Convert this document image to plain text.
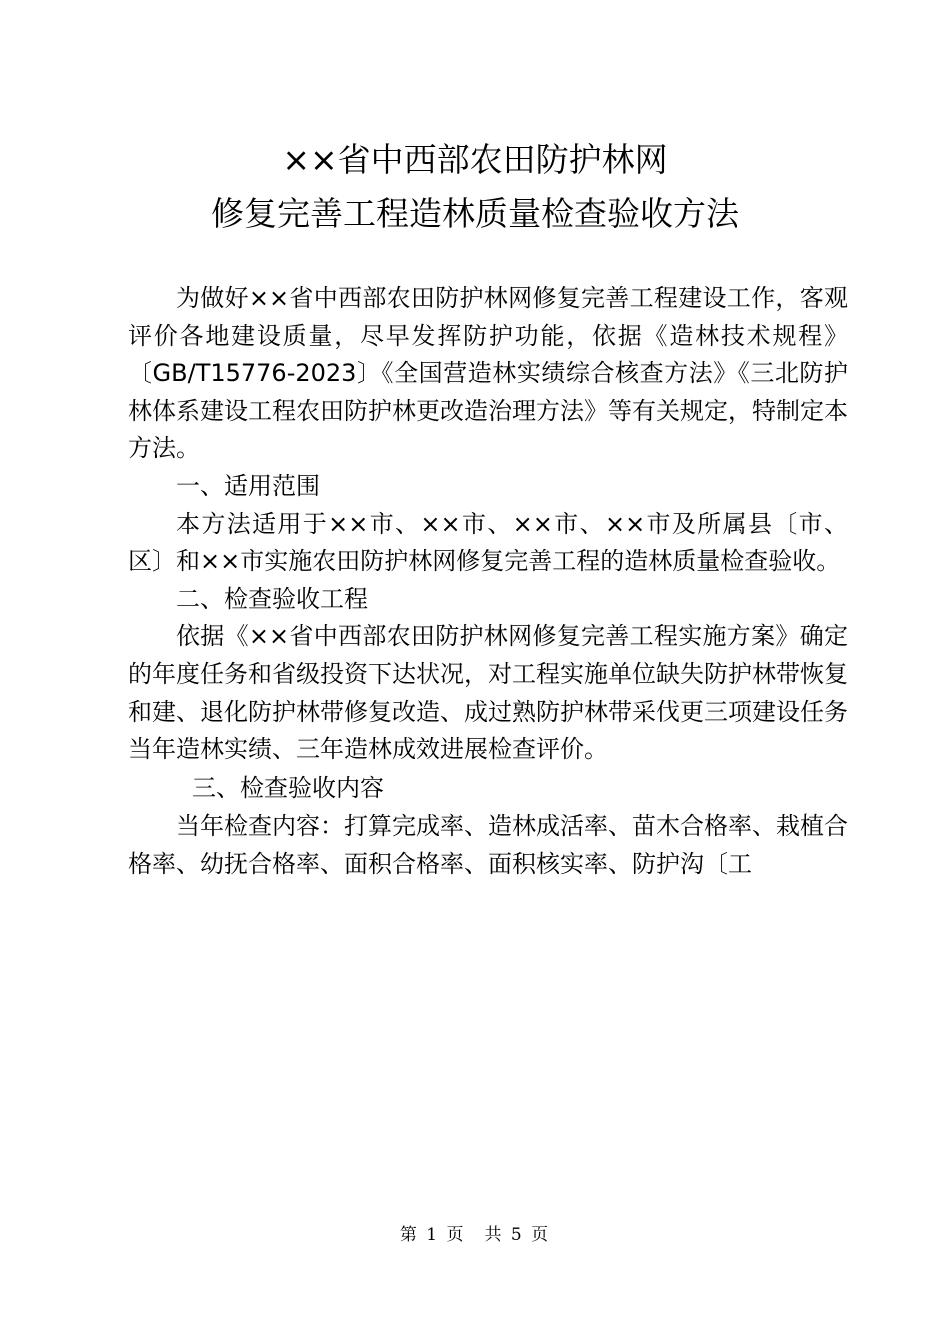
××省中西部农田防护林网
修复完善工程造林质量检查验收方法

为做好××省中西部农田防护林网修复完善工程建设工作，客观评价各地建设质量，尽早发挥防护功能，依据《造林技术规程》〔GB/T15776-2023〕《全国营造林实绩综合核查方法》《三北防护林体系建设工程农田防护林更改造治理方法》等有关规定，特制定本方法。

一、适用范围

本方法适用于××市、××市、××市、××市及所属县〔市、区〕和××市实施农田防护林网修复完善工程的造林质量检查验收。

二、检查验收工程

依据《××省中西部农田防护林网修复完善工程实施方案》确定的年度任务和省级投资下达状况，对工程实施单位缺失防护林带恢复和建、退化防护林带修复改造、成过熟防护林带采伐更三项建设任务当年造林实绩、三年造林成效进展检查评价。

三、检查验收内容

当年检查内容：打算完成率、造林成活率、苗木合格率、栽植合格率、幼抚合格率、面积合格率、面积核实率、防护沟〔工

第 1 页　共 5 页
